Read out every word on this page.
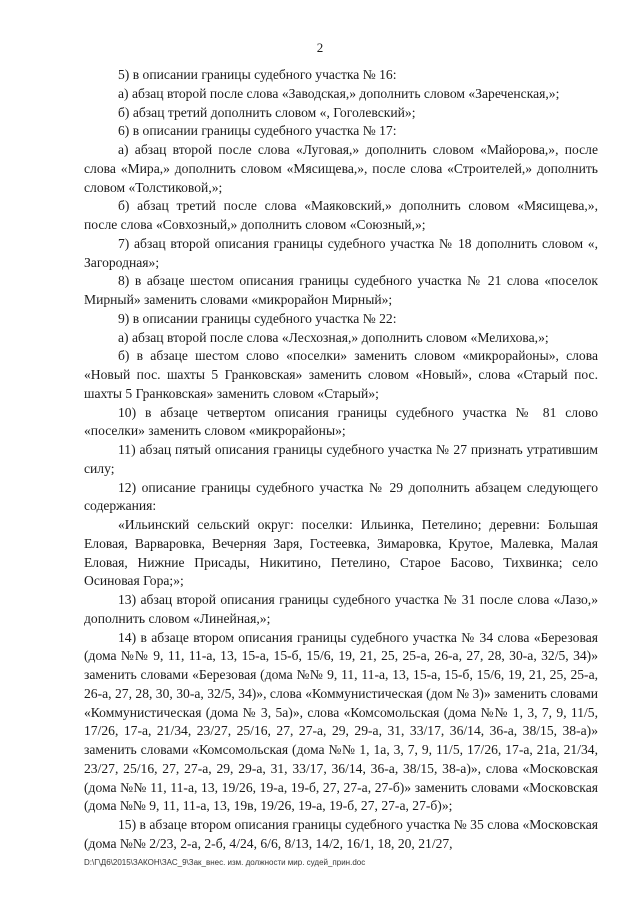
2

5) в описании границы судебного участка № 16:

а) абзац второй после слова «Заводская,» дополнить словом «Зареченская,»;

б) абзац третий дополнить словом «, Гоголевский»;

6) в описании границы судебного участка № 17:

а) абзац второй после слова «Луговая,» дополнить словом «Майорова,», после слова «Мира,» дополнить словом «Мясищева,», после слова «Строителей,» дополнить словом «Толстиковой,»;

б) абзац третий после слова «Маяковский,» дополнить словом «Мясищева,», после слова «Совхозный,» дополнить словом «Союзный,»;

7) абзац второй описания границы судебного участка № 18 дополнить словом «, Загородная»;

8) в абзаце шестом описания границы судебного участка № 21 слова «поселок Мирный» заменить словами «микрорайон Мирный»;

9) в описании границы судебного участка № 22:

а) абзац второй после слова «Лесхозная,» дополнить словом «Мелихова,»;

б) в абзаце шестом слово «поселки» заменить словом «микрорайоны», слова «Новый пос. шахты 5 Гранковская» заменить словом «Новый», слова «Старый пос. шахты 5 Гранковская» заменить словом «Старый»;

10) в абзаце четвертом описания границы судебного участка № 81 слово «поселки» заменить словом «микрорайоны»;

11) абзац пятый описания границы судебного участка № 27 признать утратившим силу;

12) описание границы судебного участка № 29 дополнить абзацем следующего содержания:

«Ильинский сельский округ: поселки: Ильинка, Петелино; деревни: Большая Еловая, Варваровка, Вечерняя Заря, Гостеевка, Зимаровка, Крутое, Малевка, Малая Еловая, Нижние Присады, Никитино, Петелино, Старое Басово, Тихвинка; село Осиновая Гора;»;

13) абзац второй описания границы судебного участка № 31 после слова «Лазо,» дополнить словом «Линейная,»;

14) в абзаце втором описания границы судебного участка № 34 слова «Березовая (дома №№ 9, 11, 11-а, 13, 15-а, 15-б, 15/6, 19, 21, 25, 25-а, 26-а, 27, 28, 30-а, 32/5, 34)» заменить словами «Березовая (дома №№ 9, 11, 11-а, 13, 15-а, 15-б, 15/6, 19, 21, 25, 25-а, 26-а, 27, 28, 30, 30-а, 32/5, 34)», слова «Коммунистическая (дом № 3)» заменить словами «Коммунистическая (дома № 3, 5а)», слова «Комсомольская (дома №№ 1, 3, 7, 9, 11/5, 17/26, 17-а, 21/34, 23/27, 25/16, 27, 27-а, 29, 29-а, 31, 33/17, 36/14, 36-а, 38/15, 38-а)» заменить словами «Комсомольская (дома №№ 1, 1а, 3, 7, 9, 11/5, 17/26, 17-а, 21а, 21/34, 23/27, 25/16, 27, 27-а, 29, 29-а, 31, 33/17, 36/14, 36-а, 38/15, 38-а)», слова «Московская (дома №№ 11, 11-а, 13, 19/26, 19-а, 19-б, 27, 27-а, 27-б)» заменить словами «Московская (дома №№ 9, 11, 11-а, 13, 19в, 19/26, 19-а, 19-б, 27, 27-а, 27-б)»;

15) в абзаце втором описания границы судебного участка № 35 слова «Московская (дома №№ 2/23, 2-а, 2-б, 4/24, 6/6, 8/13, 14/2, 16/1, 18, 20, 21/27,

D:\Г\Д6\2015\ЗАКОН\ЗАС_9\Зак_внес. изм. должности мир. судей_прин.doc
